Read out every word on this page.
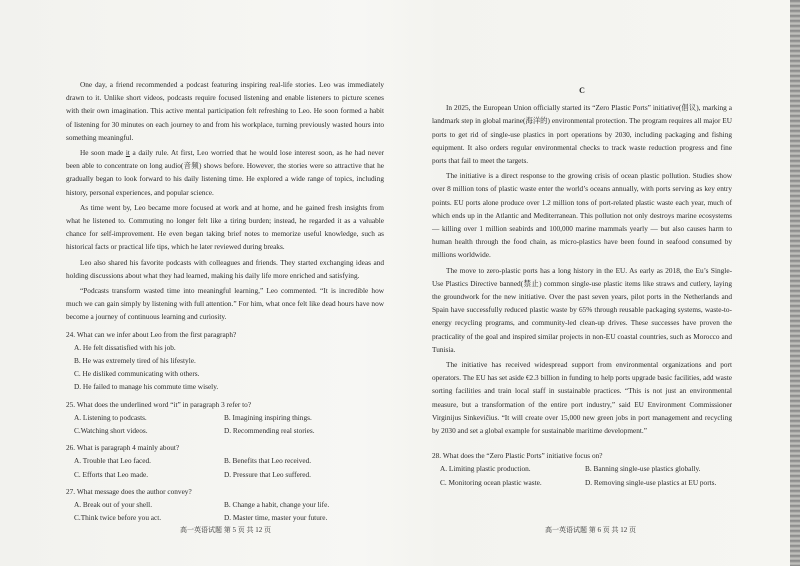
One day, a friend recommended a podcast featuring inspiring real-life stories. Leo was immediately drawn to it. Unlike short videos, podcasts require focused listening and enable listeners to picture scenes with their own imagination. This active mental participation felt refreshing to Leo. He soon formed a habit of listening for 30 minutes on each journey to and from his workplace, turning previously wasted hours into something meaningful.

He soon made it a daily rule. At first, Leo worried that he would lose interest soon, as he had never been able to concentrate on long audio(音频) shows before. However, the stories were so attractive that he gradually began to look forward to his daily listening time. He explored a wide range of topics, including history, personal experiences, and popular science.

As time went by, Leo became more focused at work and at home, and he gained fresh insights from what he listened to. Commuting no longer felt like a tiring burden; instead, he regarded it as a valuable chance for self-improvement. He even began taking brief notes to memorize useful knowledge, such as historical facts or practical life tips, which he later reviewed during breaks.

Leo also shared his favorite podcasts with colleagues and friends. They started exchanging ideas and holding discussions about what they had learned, making his daily life more enriched and satisfying.

“Podcasts transform wasted time into meaningful learning,” Leo commented. “It is incredible how much we can gain simply by listening with full attention.” For him, what once felt like dead hours have now become a journey of continuous learning and curiosity.

24. What can we infer about Leo from the first paragraph?
A. He felt dissatisfied with his job.
B. He was extremely tired of his lifestyle.
C. He disliked communicating with others.
D. He failed to manage his commute time wisely.
25. What does the underlined word “it” in paragraph 3 refer to?
A. Listening to podcasts.	B. Imagining inspiring things.
C.Watching short videos.	D. Recommending real stories.
26. What is paragraph 4 mainly about?
A. Trouble that Leo faced.	B. Benefits that Leo received.
C. Efforts that Leo made.	D. Pressure that Leo suffered.
27. What message does the author convey?
A. Break out of your shell.	B. Change a habit, change your life.
C.Think twice before you act.	D. Master time, master your future.
C

In 2025, the European Union officially started its “Zero Plastic Ports” initiative(倡议), marking a landmark step in global marine(海洋的) environmental protection. The program requires all major EU ports to get rid of single-use plastics in port operations by 2030, including packaging and fishing equipment. It also orders regular environmental checks to track waste reduction progress and fine ports that fail to meet the targets.

The initiative is a direct response to the growing crisis of ocean plastic pollution. Studies show over 8 million tons of plastic waste enter the world’s oceans annually, with ports serving as key entry points. EU ports alone produce over 1.2 million tons of port-related plastic waste each year, much of which ends up in the Atlantic and Mediterranean. This pollution not only destroys marine ecosystems — killing over 1 million seabirds and 100,000 marine mammals yearly — but also causes harm to human health through the food chain, as micro-plastics have been found in seafood consumed by millions worldwide.

The move to zero-plastic ports has a long history in the EU. As early as 2018, the Eu’s Single-Use Plastics Directive banned(禁止) common single-use plastic items like straws and cutlery, laying the groundwork for the new initiative. Over the past seven years, pilot ports in the Netherlands and Spain have successfully reduced plastic waste by 65% through reusable packaging systems, waste-to-energy recycling programs, and community-led clean-up drives. These successes have proven the practicality of the goal and inspired similar projects in non-EU coastal countries, such as Morocco and Tunisia.

The initiative has received widespread support from environmental organizations and port operators. The EU has set aside €2.3 billion in funding to help ports upgrade basic facilities, add waste sorting facilities and train local staff in sustainable practices. “This is not just an environmental measure, but a transformation of the entire port industry,” said EU Environment Commissioner Virginijus Sinkevičius. “It will create over 15,000 new green jobs in port management and recycling by 2030 and set a global example for sustainable maritime development.”

28. What does the “Zero Plastic Ports” initiative focus on?
A. Limiting plastic production.	B. Banning single-use plastics globally.
C. Monitoring ocean plastic waste.	D. Removing single-use plastics at EU ports.
高一英语试题 第 5 页 共 12 页	高一英语试题 第 6 页 共 12 页
